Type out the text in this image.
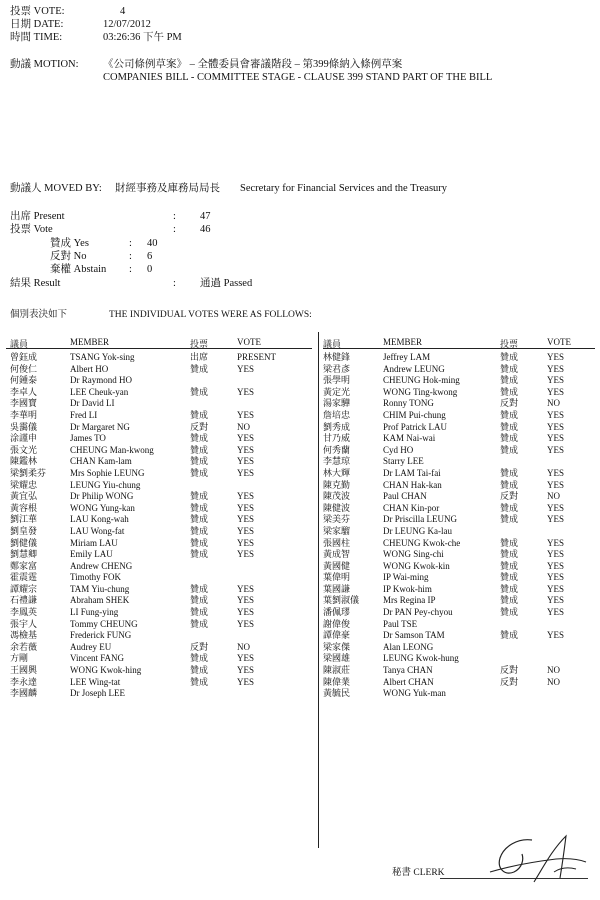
投票 VOTE:	4
日期 DATE:	12/07/2012
時間 TIME:	03:26:36 下午 PM
動議 MOTION: 《公司條例草案》 – 全體委員會審議階段 – 第399條納入條例草案
COMPANIES BILL - COMMITTEE STAGE - CLAUSE 399 STAND PART OF THE BILL
動議人 MOVED BY: 財經事務及庫務局局長 Secretary for Financial Services and the Treasury
出席 Present	: 47
投票 Vote	: 46
贊成 Yes	: 40
反對 No	: 6
棄權 Abstain : 0
結果 Result	: 通過 Passed
個別表決如下	THE INDIVIDUAL VOTES WERE AS FOLLOWS:
議員	MEMBER	投票	VOTE	議員	MEMBER	投票	VOTE
曾鈺成	TSANG Yok-sing	出席	PRESENT
何俊仁	Albert HO	贊成	YES
何鍾泰	Dr Raymond HO
李卓人	LEE Cheuk-yan	贊成	YES
李國寶	Dr David LI
李華明	Fred LI	贊成	YES
吳靄儀	Dr Margaret NG	反對	NO
涂謹申	James TO	贊成	YES
張文光	CHEUNG Man-kwong	贊成	YES
陳鑑林	CHAN Kam-lam	贊成	YES
梁劉柔芬	Mrs Sophie LEUNG	贊成	YES
梁耀忠	LEUNG Yiu-chung
黃宜弘	Dr Philip WONG	贊成	YES
黃容根	WONG Yung-kan	贊成	YES
劉江華	LAU Kong-wah	贊成	YES
劉皇發	LAU Wong-fat	贊成	YES
劉健儀	Miriam LAU	贊成	YES
劉慧卿	Emily LAU	贊成	YES
鄭家富	Andrew CHENG
霍震霆	Timothy FOK
譚耀宗	TAM Yiu-chung	贊成	YES
石禮謙	Abraham SHEK	贊成	YES
李鳳英	LI Fung-ying	贊成	YES
張宇人	Tommy CHEUNG	贊成	YES
馮檢基	Frederick FUNG
余若薇	Audrey EU	反對	NO
方剛	Vincent FANG	贊成	YES
王國興	WONG Kwok-hing	贊成	YES
李永達	LEE Wing-tat	贊成	YES
李國麟	Dr Joseph LEE
林健鋒	Jeffrey LAM	贊成	YES
梁君彥	Andrew LEUNG	贊成	YES
張學明	CHEUNG Hok-ming	贊成	YES
黃定光	WONG Ting-kwong	贊成	YES
湯家驊	Ronny TONG	反對	NO
詹培忠	CHIM Pui-chung	贊成	YES
劉秀成	Prof Patrick LAU	贊成	YES
甘乃威	KAM Nai-wai	贊成	YES
何秀蘭	Cyd HO	贊成	YES
李慧琼	Starry LEE
林大輝	Dr LAM Tai-fai	贊成	YES
陳克勤	CHAN Hak-kan	贊成	YES
陳茂波	Paul CHAN	反對	NO
陳健波	CHAN Kin-por	贊成	YES
梁美芬	Dr Priscilla LEUNG	贊成	YES
梁家騮	Dr LEUNG Ka-lau
張國柱	CHEUNG Kwok-che	贊成	YES
黃成智	WONG Sing-chi	贊成	YES
黃國健	WONG Kwok-kin	贊成	YES
葉偉明	IP Wai-ming	贊成	YES
葉國謙	IP Kwok-him	贊成	YES
葉劉淑儀	Mrs Regina IP	贊成	YES
潘佩璆	Dr PAN Pey-chyou	贊成	YES
謝偉俊	Paul TSE
譚偉豪	Dr Samson TAM	贊成	YES
梁家傑	Alan LEONG
梁國雄	LEUNG Kwok-hung
陳淑莊	Tanya CHAN	反對	NO
陳偉業	Albert CHAN	反對	NO
黃毓民	WONG Yuk-man
秘書 CLERK
